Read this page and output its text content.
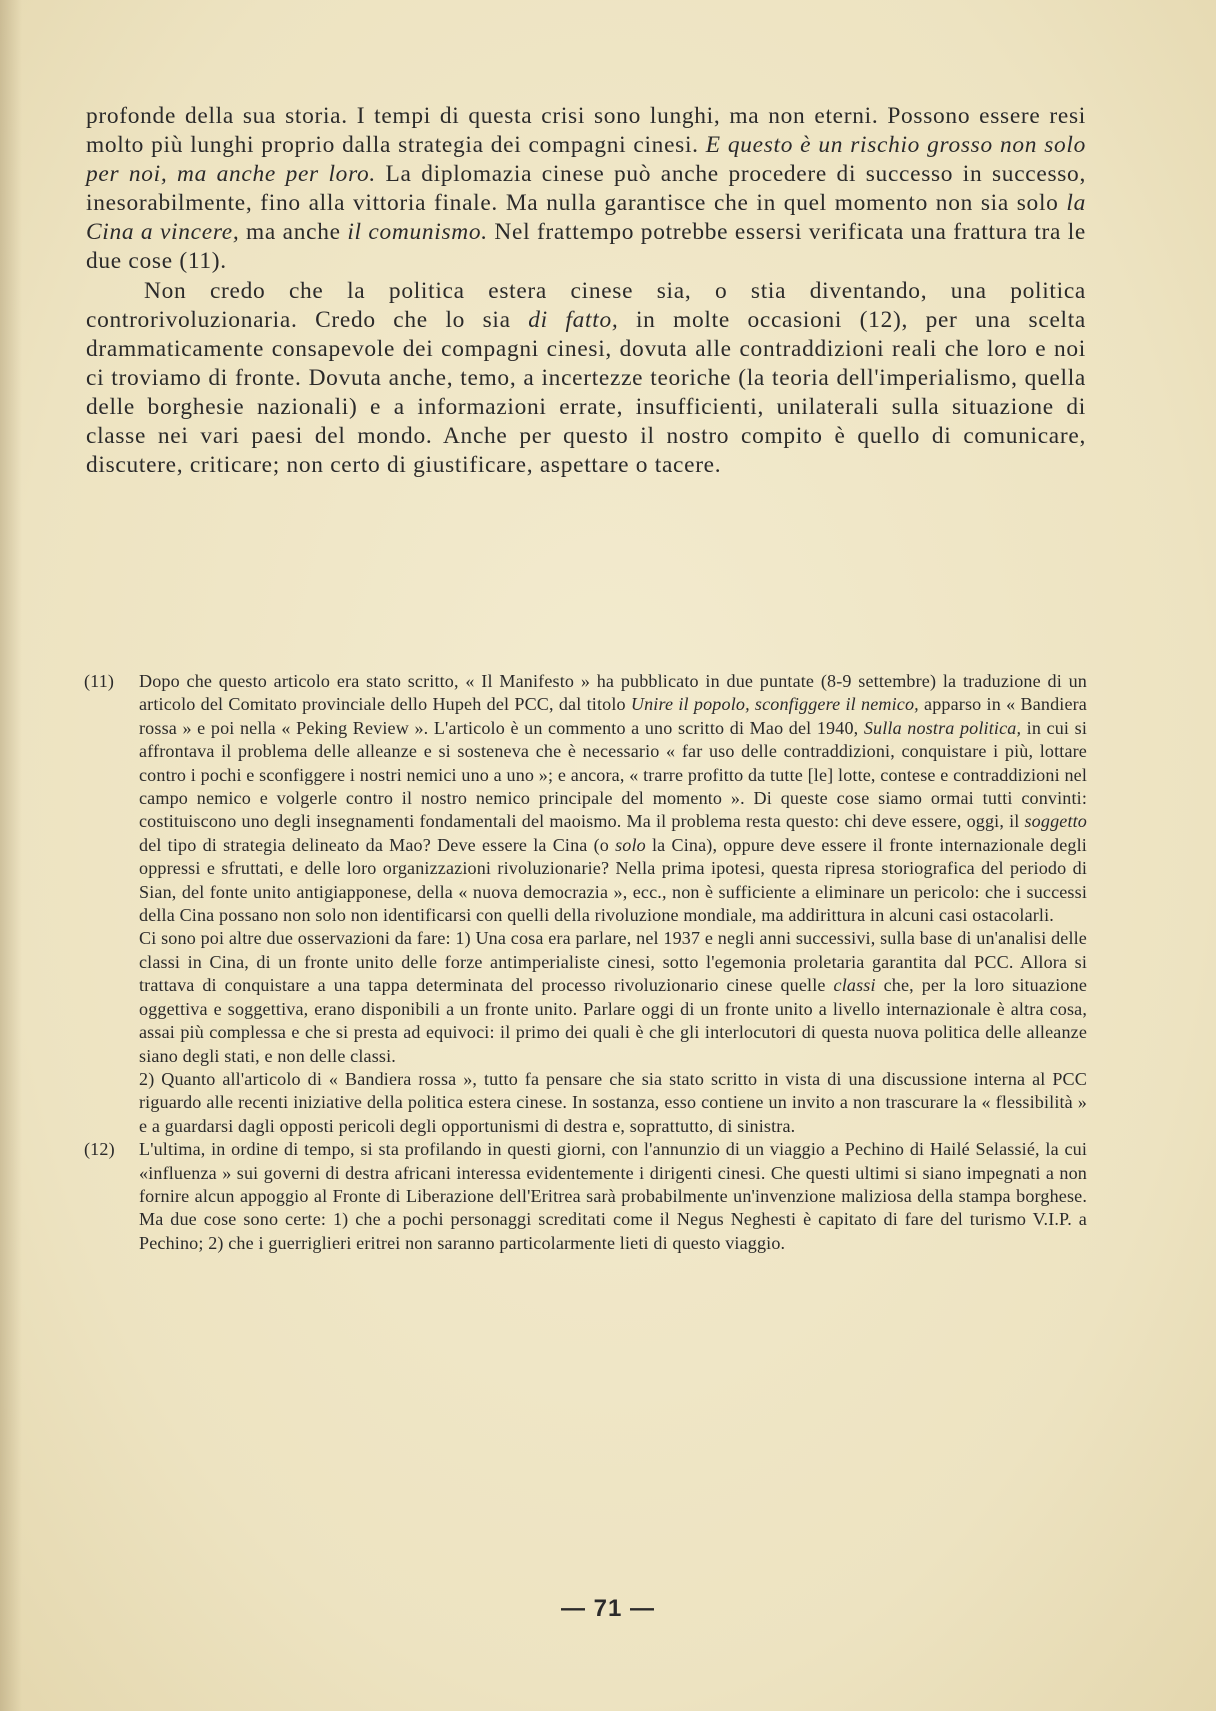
profonde della sua storia. I tempi di questa crisi sono lunghi, ma non eterni. Possono essere resi molto più lunghi proprio dalla strategia dei compagni cinesi. E questo è un rischio grosso non solo per noi, ma anche per loro. La diplomazia cinese può anche procedere di successo in successo, inesorabilmente, fino alla vittoria finale. Ma nulla garantisce che in quel momento non sia solo la Cina a vincere, ma anche il comunismo. Nel frattempo potrebbe essersi verificata una frattura tra le due cose (11).

Non credo che la politica estera cinese sia, o stia diventando, una politica controrivoluzionaria. Credo che lo sia di fatto, in molte occasioni (12), per una scelta drammaticamente consapevole dei compagni cinesi, dovuta alle contraddizioni reali che loro e noi ci troviamo di fronte. Dovuta anche, temo, a incertezze teoriche (la teoria dell'imperialismo, quella delle borghesie nazionali) e a informazioni errate, insufficienti, unilaterali sulla situazione di classe nei vari paesi del mondo. Anche per questo il nostro compito è quello di comunicare, discutere, criticare; non certo di giustificare, aspettare o tacere.

(11)	Dopo che questo articolo era stato scritto, « Il Manifesto » ha pubblicato in due puntate (8-9 settembre) la traduzione di un articolo del Comitato provinciale dello Hupeh del PCC, dal titolo Unire il popolo, sconfiggere il nemico, apparso in « Bandiera rossa » e poi nella « Peking Review ». L'articolo è un commento a uno scritto di Mao del 1940, Sulla nostra politica, in cui si affrontava il problema delle alleanze e si sosteneva che è necessario « far uso delle contraddizioni, conquistare i più, lottare contro i pochi e sconfiggere i nostri nemici uno a uno »; e ancora, « trarre profitto da tutte [le] lotte, contese e contraddizioni nel campo nemico e volgerle contro il nostro nemico principale del momento ». Di queste cose siamo ormai tutti convinti: costituiscono uno degli insegnamenti fondamentali del maoismo. Ma il problema resta questo: chi deve essere, oggi, il soggetto del tipo di strategia delineato da Mao? Deve essere la Cina (o solo la Cina), oppure deve essere il fronte internazionale degli oppressi e sfruttati, e delle loro organizzazioni rivoluzionarie? Nella prima ipotesi, questa ripresa storiografica del periodo di Sian, del fonte unito antigiapponese, della « nuova democrazia », ecc., non è sufficiente a eliminare un pericolo: che i successi della Cina possano non solo non identificarsi con quelli della rivoluzione mondiale, ma addirittura in alcuni casi ostacolarli.

Ci sono poi altre due osservazioni da fare: 1) Una cosa era parlare, nel 1937 e negli anni successivi, sulla base di un'analisi delle classi in Cina, di un fronte unito delle forze antimperialiste cinesi, sotto l'egemonia proletaria garantita dal PCC. Allora si trattava di conquistare a una tappa determinata del processo rivoluzionario cinese quelle classi che, per la loro situazione oggettiva e soggettiva, erano disponibili a un fronte unito. Parlare oggi di un fronte unito a livello internazionale è altra cosa, assai più complessa e che si presta ad equivoci: il primo dei quali è che gli interlocutori di questa nuova politica delle alleanze siano degli stati, e non delle classi.

2) Quanto all'articolo di « Bandiera rossa », tutto fa pensare che sia stato scritto in vista di una discussione interna al PCC riguardo alle recenti iniziative della politica estera cinese. In sostanza, esso contiene un invito a non trascurare la « flessibilità » e a guardarsi dagli opposti pericoli degli opportunismi di destra e, soprattutto, di sinistra.

(12)	L'ultima, in ordine di tempo, si sta profilando in questi giorni, con l'annunzio di un viaggio a Pechino di Hailé Selassié, la cui «influenza » sui governi di destra africani interessa evidentemente i dirigenti cinesi. Che questi ultimi si siano impegnati a non fornire alcun appoggio al Fronte di Liberazione dell'Eritrea sarà probabilmente un'invenzione maliziosa della stampa borghese. Ma due cose sono certe: 1) che a pochi personaggi screditati come il Negus Neghesti è capitato di fare del turismo V.I.P. a Pechino; 2) che i guerriglieri eritrei non saranno particolarmente lieti di questo viaggio.

— 71 —
